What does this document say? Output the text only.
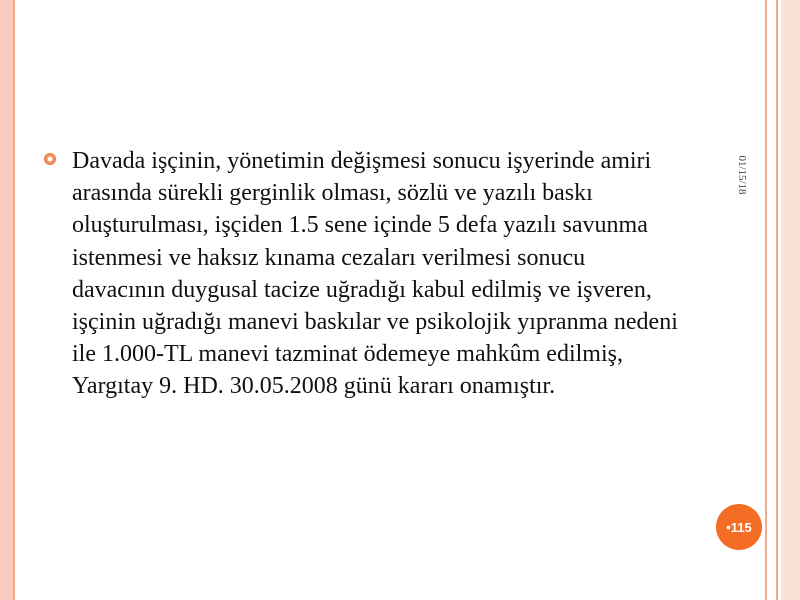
01/15/18

Davada işçinin, yönetimin değişmesi sonucu işyerinde amiri arasında sürekli gerginlik olması, sözlü ve yazılı baskı oluşturulması, işçiden 1.5 sene içinde 5 defa yazılı savunma istenmesi ve haksız kınama cezaları verilmesi sonucu davacının duygusal tacize uğradığı kabul edilmiş ve işveren, işçinin uğradığı manevi baskılar ve psikolojik yıpranma nedeni ile 1.000-TL manevi tazminat ödemeye mahkûm edilmiş, Yargıtay 9. HD. 30.05.2008 günü kararı onamıştır.

•115
